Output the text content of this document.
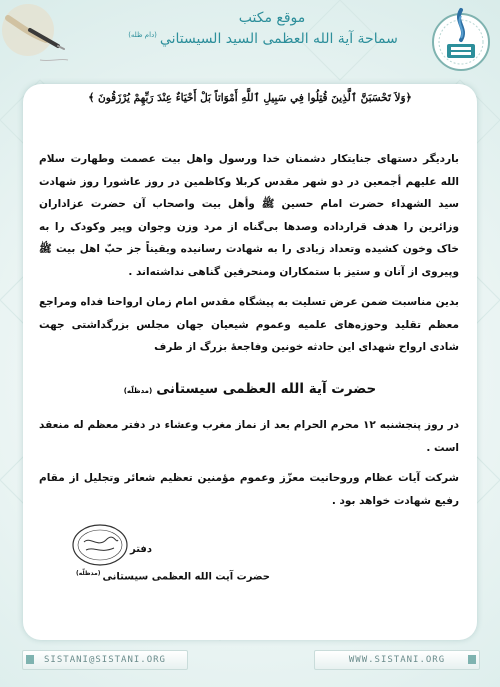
موقع مكتب
سماحة آية الله العظمى السيد السيستاني$^{(دام ظله)}$
﴿وَلاَ تَحْسَبَنَّ ٱلَّذِينَ قُتِلُوا فِي سَبِيلِ ٱللَّهِ أَمْوَاتاً بَلْ أَحْيَاءٌ عِنْدَ رَبِّهِمْ يُرْزَقُونَ ﴾

باردیگر دستهای جنایتکار دشمنان خدا ورسول واهل بیت عصمت وطهارت سلام الله علیهم أجمعین در دو شهر مقدس کربلا وکاظمین در روز عاشورا روز شهادت سید الشهداء حضرت امام حسین ﷺ وأهل بیت واصحاب آن حضرت عزاداران وزائرین را هدف قرارداده وصدها بی‌گناه از مرد وزن وجوان وپیر وکودک را به خاک وخون کشیده وتعداد زیادی را به شهادت رسانیده ویقیناً جز حبّ اهل بیت ﷺ وپیروی از آنان و ستیز با ستمکاران ومنحرفین گناهی نداشته‌اند .

بدین مناسبت ضمن عرض تسلیت به پیشگاه مقدس امام زمان ارواحنا فداه ومراجع معظم تقلید وحوزه‌های علمیه وعموم شیعیان جهان مجلس بزرگداشتی جهت شادی ارواح شهدای این حادثه خونین وفاجعهٔ بزرگ از طرف

حضرت آية الله العظمى سيستانى(مدظلّه)

در روز پنجشنبه ۱۲ محرم الحرام بعد از نماز مغرب وعشاء در دفتر معظم له منعقد است .

شرکت آیات عظام وروحانیت معزّز وعموم مؤمنین تعظیم شعائر وتجلیل از مقام رفیع شهادت خواهد بود .

دفتر
حضرت آیت الله العظمی سیستانی$^{(مدظلّه)}$
SISTANI@SISTANI.ORG	WWW.SISTANI.ORG
